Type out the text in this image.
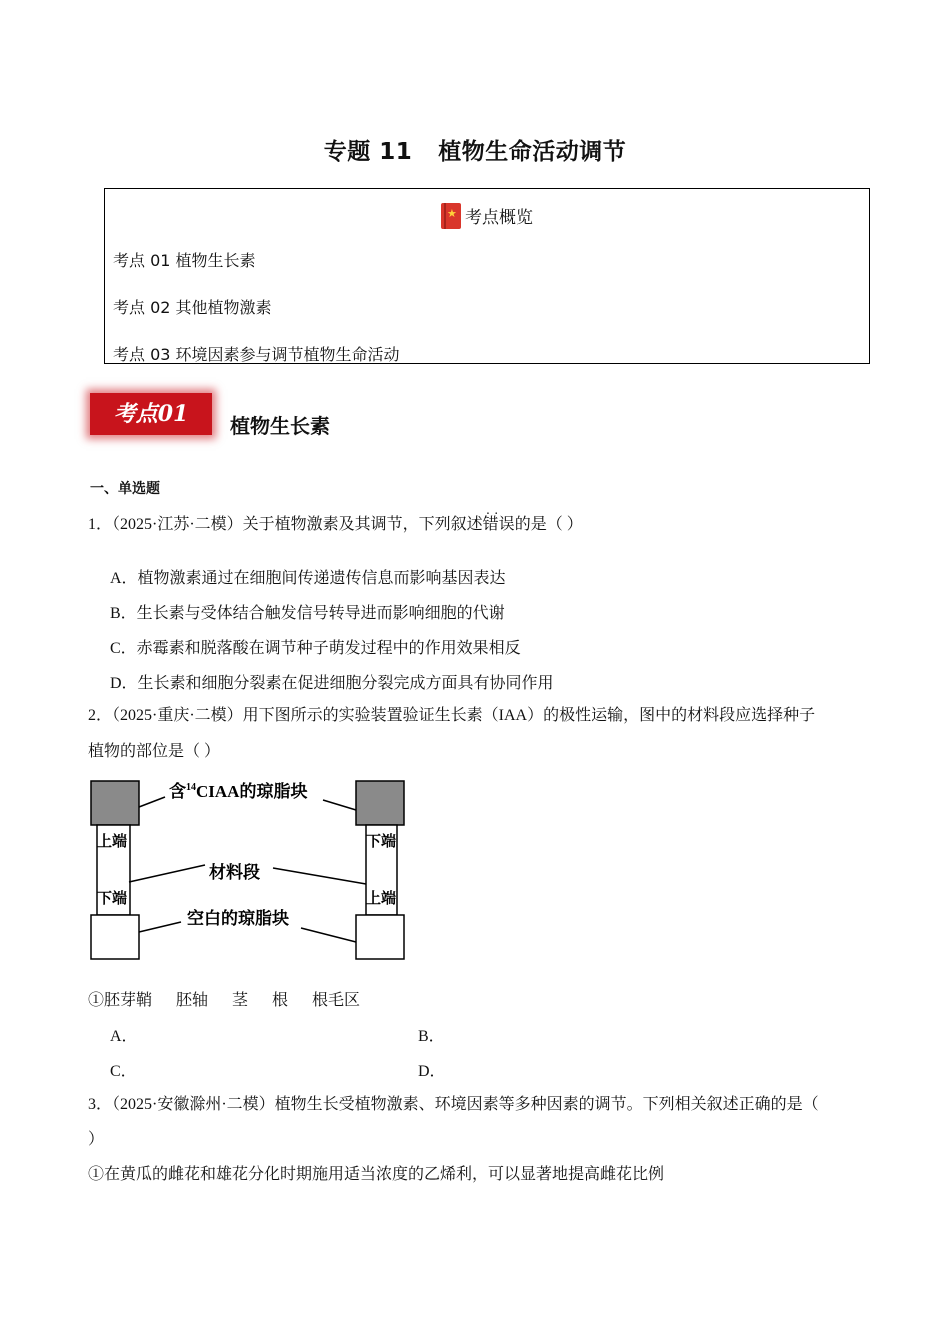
专题 11 植物生命活动调节
★考点概览
考点 01 植物生长素
考点 02 其他植物激素
考点 03 环境因素参与调节植物生命活动
考点01	植物生长素
一、单选题
1．（2025·江苏·二模）关于植物激素及其调节，下列叙述· · 错误的是（ ）
A．植物激素通过在细胞间传递遗传信息而影响基因表达
B．生长素与受体结合触发信号转导进而影响细胞的代谢
C．赤霉素和脱落酸在调节种子萌发过程中的作用效果相反
D．生长素和细胞分裂素在促进细胞分裂完成方面具有协同作用
2．（2025·重庆·二模）用下图所示的实验装置验证生长素（IAA）的极性运输，图中的材料段应选择种子
植物的部位是（ ）
含$^{14}$CIAA的琼脂块
材料段
空白的琼脂块
上端
下端
下端
上端
①胚芽鞘      胚轴      茎      根      根毛区
A．	B．
C．	D．
3．（2025·安徽滁州·二模）植物生长受植物激素、环境因素等多种因素的调节。下列相关叙述正确的是（
）
①在黄瓜的雌花和雄花分化时期施用适当浓度的乙烯利，可以显著地提高雌花比例
